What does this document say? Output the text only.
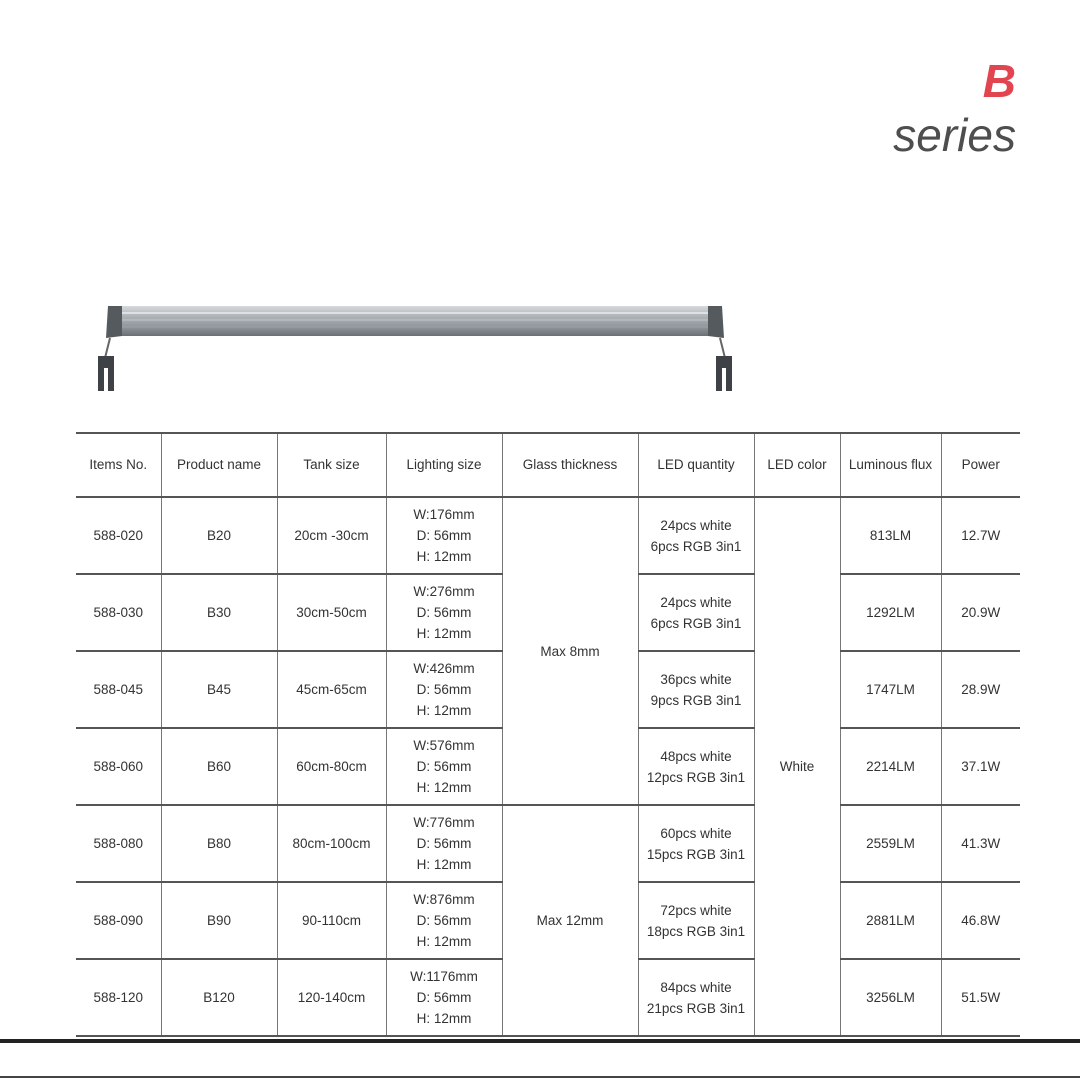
B
series
Items No.	Product name	Tank size	Lighting size	Glass thickness	LED quantity	LED color	Luminous flux	Power
588-020	B20	20cm -30cm	W:176mm
D: 56mm
H: 12mm	Max 8mm	24pcs white
6pcs RGB 3in1	White	813LM	12.7W
588-030	B30	30cm-50cm	W:276mm
D: 56mm
H: 12mm		24pcs white
6pcs RGB 3in1		1292LM	20.9W
588-045	B45	45cm-65cm	W:426mm
D: 56mm
H: 12mm		36pcs white
9pcs RGB 3in1		1747LM	28.9W
588-060	B60	60cm-80cm	W:576mm
D: 56mm
H: 12mm		48pcs white
12pcs RGB 3in1		2214LM	37.1W
588-080	B80	80cm-100cm	W:776mm
D: 56mm
H: 12mm	Max 12mm	60pcs white
15pcs RGB 3in1		2559LM	41.3W
588-090	B90	90-110cm	W:876mm
D: 56mm
H: 12mm		72pcs white
18pcs RGB 3in1		2881LM	46.8W
588-120	B120	120-140cm	W:1176mm
D: 56mm
H: 12mm		84pcs white
21pcs RGB 3in1		3256LM	51.5W
